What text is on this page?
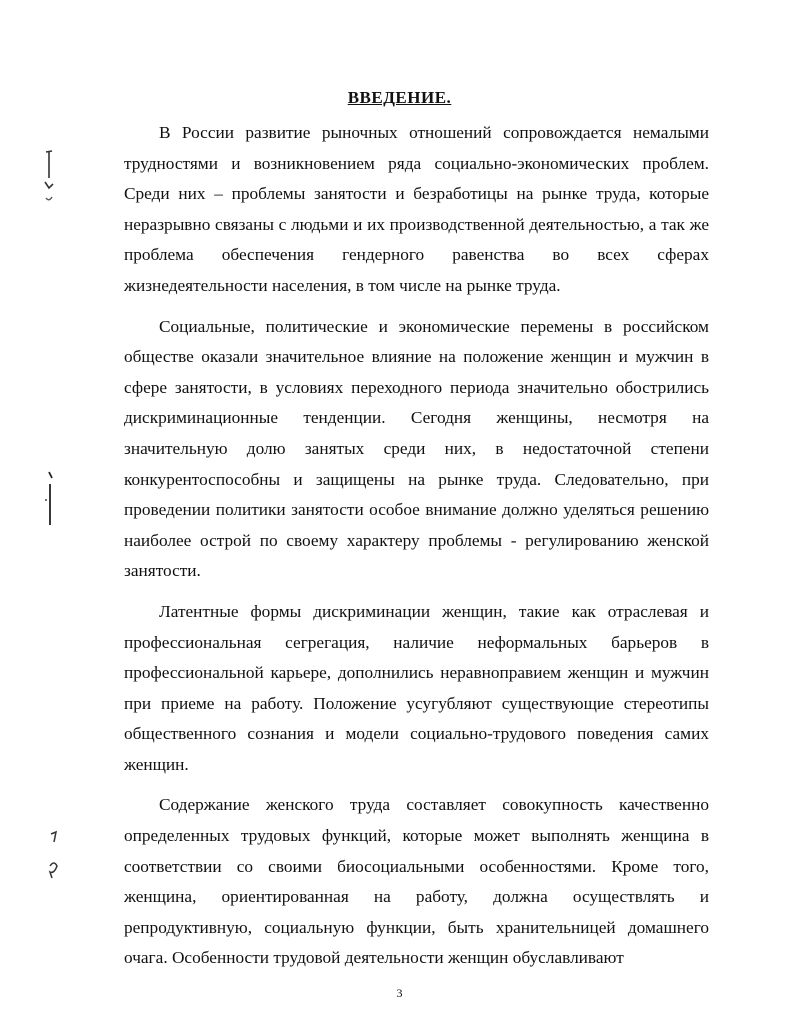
ВВЕДЕНИЕ.

В России развитие рыночных отношений сопровождается немалыми трудностями и возникновением ряда социально-экономических проблем. Среди них – проблемы занятости и безработицы на рынке труда, которые неразрывно связаны с людьми и их производственной деятельностью, а так же проблема обеспечения гендерного равенства во всех сферах жизнедеятельности населения, в том числе на рынке труда.

Социальные, политические и экономические перемены в российском обществе оказали значительное влияние на положение женщин и мужчин в сфере занятости, в условиях переходного периода значительно обострились дискриминационные тенденции. Сегодня женщины, несмотря на значительную долю занятых среди них, в недостаточной степени конкурентоспособны и защищены на рынке труда. Следовательно, при проведении политики занятости особое внимание должно уделяться решению наиболее острой по своему характеру проблемы - регулированию женской занятости.

Латентные формы дискриминации женщин, такие как отраслевая и профессиональная сегрегация, наличие неформальных барьеров в профессиональной карьере, дополнились неравноправием женщин и мужчин при приеме на работу. Положение усугубляют существующие стереотипы общественного сознания и модели социально-трудового поведения самих женщин.

Содержание женского труда составляет совокупность качественно определенных трудовых функций, которые может выполнять женщина в соответствии со своими биосоциальными особенностями. Кроме того, женщина, ориентированная на работу, должна осуществлять и репродуктивную, социальную функции, быть хранительницей домашнего очага. Особенности трудовой деятельности женщин обуславливают

3
